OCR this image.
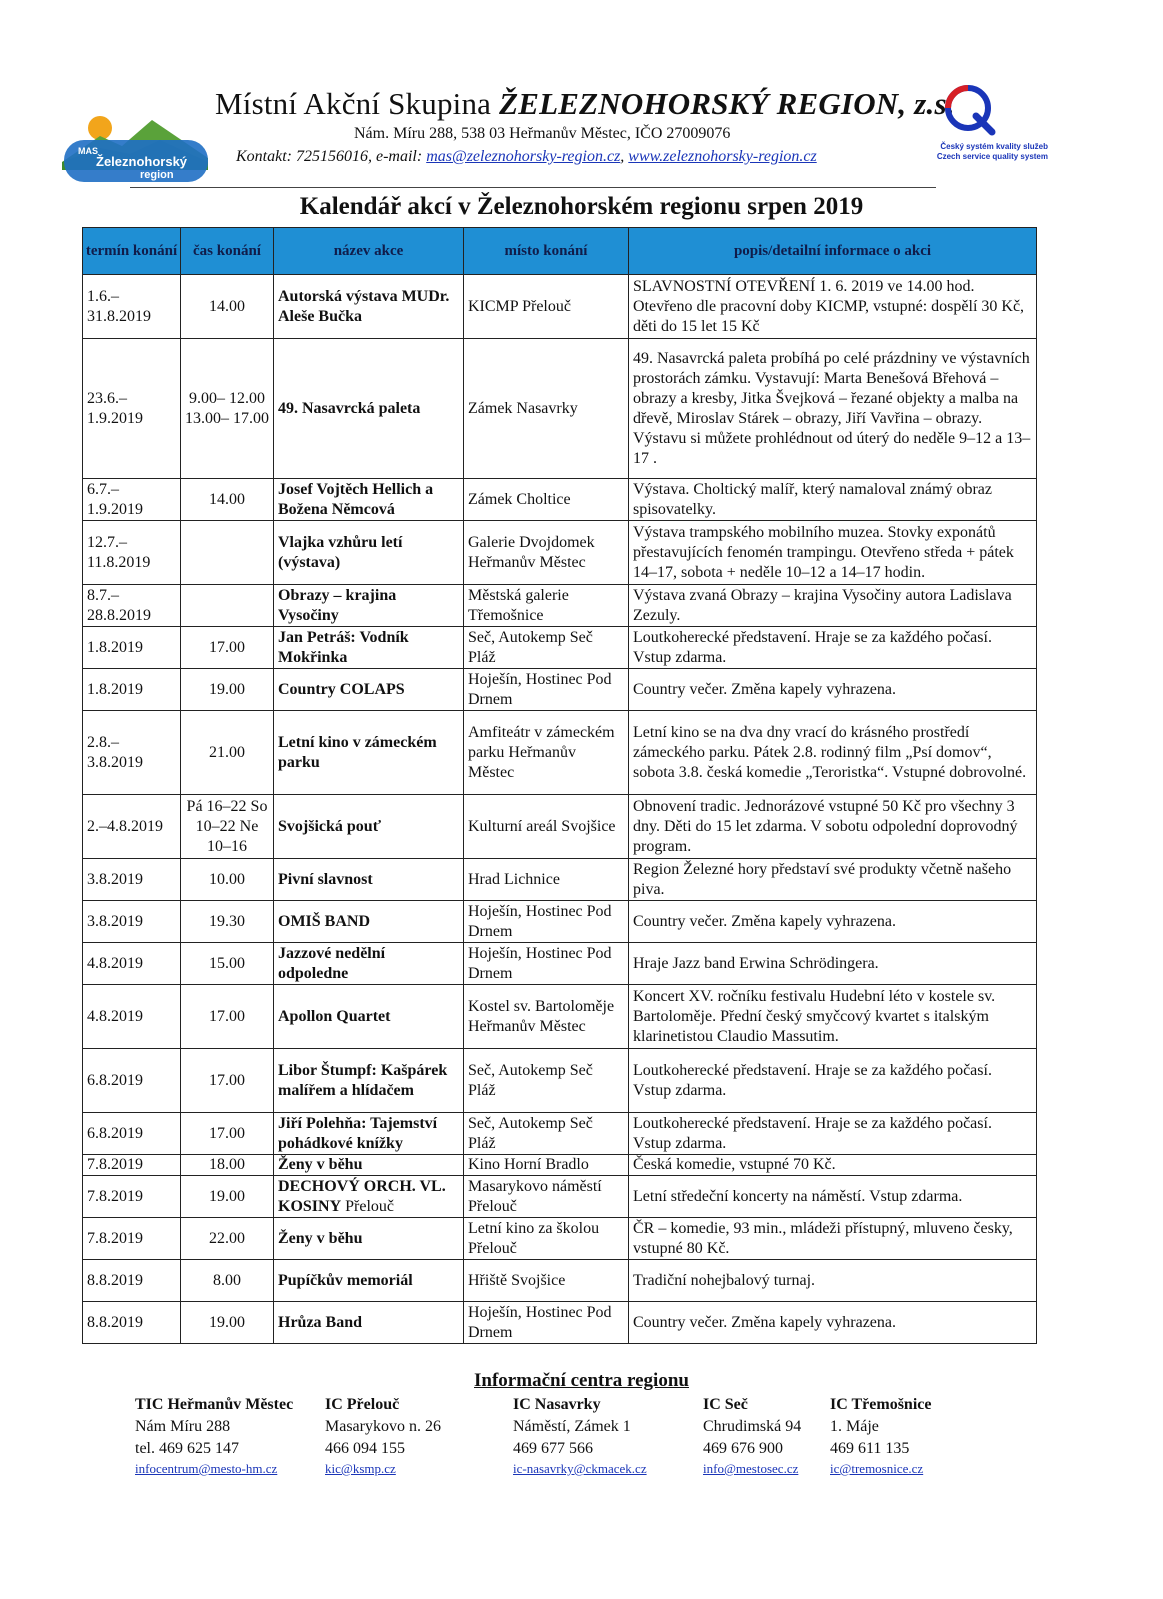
MAS
Železnohorský
region
Místní Akční Skupina ŽELEZNOHORSKÝ REGION, z.s.
Nám. Míru 288, 538 03 Heřmanův Městec, IČO 27009076
Kontakt: 725156016, e-mail: mas@zeleznohorsky-region.cz, www.zeleznohorsky-region.cz
Český systém kvality služeb
Czech service quality system
Kalendář akcí v Železnohorském regionu srpen 2019
termín konání	čas konání	název akce	místo konání	popis/detailní informace o akci
1.6.– 31.8.2019	14.00	Autorská výstava MUDr. Aleše Bučka	KICMP Přelouč	SLAVNOSTNÍ OTEVŘENÍ 1. 6. 2019 ve 14.00 hod. Otevřeno dle pracovní doby KICMP, vstupné: dospělí 30 Kč, děti do 15 let 15 Kč
23.6.– 1.9.2019	9.00– 12.00 13.00– 17.00	49. Nasavrcká paleta	Zámek Nasavrky	49. Nasavrcká paleta probíhá po celé prázdniny ve výstavních prostorách zámku. Vystavují: Marta Benešová Břehová – obrazy a kresby, Jitka Švejková – řezané objekty a malba na dřevě, Miroslav Stárek – obrazy, Jiří Vavřina – obrazy. Výstavu si můžete prohlédnout od úterý do neděle 9–12 a 13–17 .
6.7.– 1.9.2019	14.00	Josef Vojtěch Hellich a Božena Němcová	Zámek Choltice	Výstava. Choltický malíř, který namaloval známý obraz spisovatelky.
12.7.– 11.8.2019		Vlajka vzhůru letí (výstava)	Galerie Dvojdomek Heřmanův Městec	Výstava trampského mobilního muzea. Stovky exponátů přestavujících fenomén trampingu. Otevřeno středa + pátek 14–17, sobota + neděle 10–12 a 14–17 hodin.
8.7.– 28.8.2019		Obrazy – krajina Vysočiny	Městská galerie Třemošnice	Výstava zvaná Obrazy – krajina Vysočiny autora Ladislava Zezuly.
1.8.2019	17.00	Jan Petráš: Vodník Mokřinka	Seč, Autokemp Seč Pláž	Loutkoherecké představení. Hraje se za každého počasí. Vstup zdarma.
1.8.2019	19.00	Country COLAPS	Hoješín, Hostinec Pod Drnem	Country večer. Změna kapely vyhrazena.
2.8.– 3.8.2019	21.00	Letní kino v zámeckém parku	Amfiteátr v zámeckém parku Heřmanův Městec	Letní kino se na dva dny vrací do krásného prostředí zámeckého parku. Pátek 2.8. rodinný film „Psí domov“, sobota 3.8. česká komedie „Teroristka“. Vstupné dobrovolné.
2.–4.8.2019	Pá 16–22 So 10–22 Ne 10–16	Svojšická pouť	Kulturní areál Svojšice	Obnovení tradic. Jednorázové vstupné 50 Kč pro všechny 3 dny. Děti do 15 let zdarma. V sobotu odpolední doprovodný program.
3.8.2019	10.00	Pivní slavnost	Hrad Lichnice	Region Železné hory představí své produkty včetně našeho piva.
3.8.2019	19.30	OMIŠ BAND	Hoješín, Hostinec Pod Drnem	Country večer. Změna kapely vyhrazena.
4.8.2019	15.00	Jazzové nedělní odpoledne	Hoješín, Hostinec Pod Drnem	Hraje Jazz band Erwina Schrödingera.
4.8.2019	17.00	Apollon Quartet	Kostel sv. Bartoloměje Heřmanův Městec	Koncert XV. ročníku festivalu Hudební léto v kostele sv. Bartoloměje. Přední český smyčcový kvartet s italským klarinetistou Claudio Massutim.
6.8.2019	17.00	Libor Štumpf: Kašpárek malířem a hlídačem	Seč, Autokemp Seč Pláž	Loutkoherecké představení. Hraje se za každého počasí. Vstup zdarma.
6.8.2019	17.00	Jiří Polehňa: Tajemství pohádkové knížky	Seč, Autokemp Seč Pláž	Loutkoherecké představení. Hraje se za každého počasí. Vstup zdarma.
7.8.2019	18.00	Ženy v běhu	Kino Horní Bradlo	Česká komedie, vstupné 70 Kč.
7.8.2019	19.00	DECHOVÝ ORCH. VL. KOSINY Přelouč	Masarykovo náměstí Přelouč	Letní středeční koncerty na náměstí. Vstup zdarma.
7.8.2019	22.00	Ženy v běhu	Letní kino za školou Přelouč	ČR – komedie, 93 min., mládeži přístupný, mluveno česky, vstupné 80 Kč.
8.8.2019	8.00	Pupíčkův memoriál	Hřiště Svojšice	Tradiční nohejbalový turnaj.
8.8.2019	19.00	Hrůza Band	Hoješín, Hostinec Pod Drnem	Country večer. Změna kapely vyhrazena.
Informační centra regionu
TIC Heřmanův Městec
Nám Míru 288
tel. 469 625 147
infocentrum@mesto-hm.cz
IC Přelouč
Masarykovo n. 26
466 094 155
kic@ksmp.cz
IC Nasavrky
Náměstí, Zámek 1
469 677 566
ic-nasavrky@ckmacek.cz
IC Seč
Chrudimská 94
469 676 900
info@mestosec.cz
IC Třemošnice
1. Máje
469 611 135
ic@tremosnice.cz
